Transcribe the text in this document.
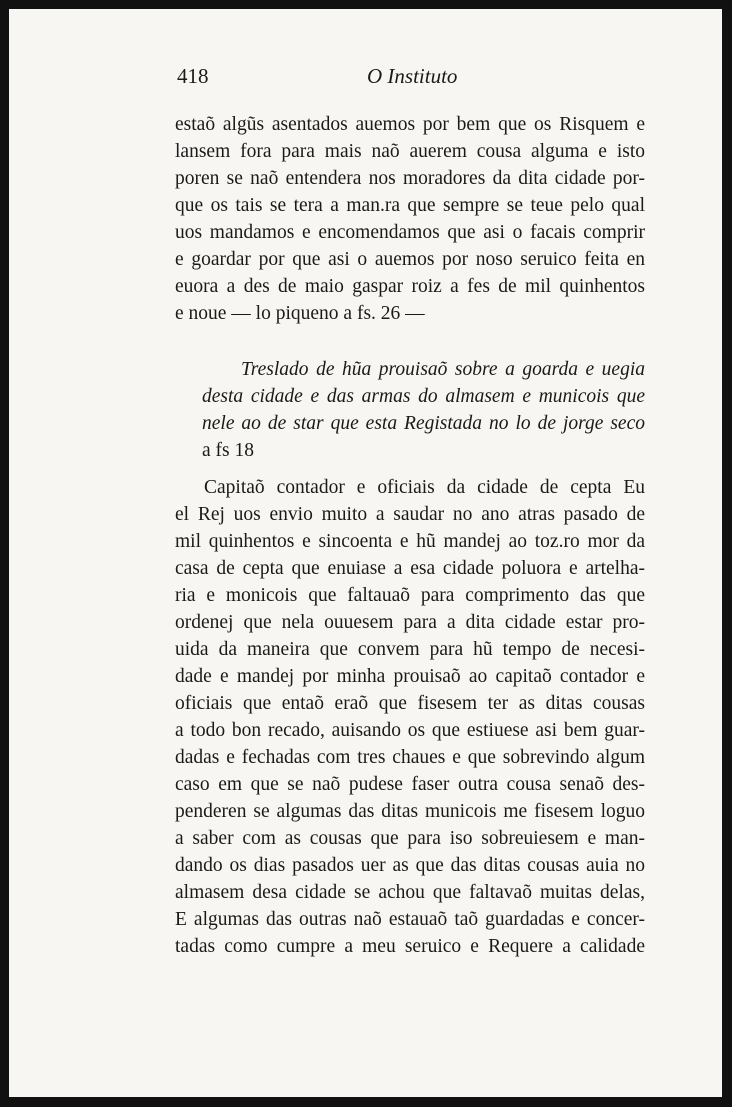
418	O Instituto
estaõ algũs asentados auemos por bem que os Risquem e
lansem fora para mais naõ auerem cousa alguma e isto
poren se naõ entendera nos moradores da dita cidade por-
que os tais se tera a man.ra que sempre se teue pelo qual
uos mandamos e encomendamos que asi o facais comprir
e goardar por que asi o auemos por noso seruico feita en
euora a des de maio gaspar roiz a fes de mil quinhentos
e noue — lo piqueno a fs. 26 —
Treslado de hũa prouisaõ sobre a goarda e uegia
desta cidade e das armas do almasem e municois que
nele ao de star que esta Registada no lo de jorge seco
a fs 18
Capitaõ contador e oficiais da cidade de cepta Eu
el Rej uos envio muito a saudar no ano atras pasado de
mil quinhentos e sincoenta e hũ mandej ao toz.ro mor da
casa de cepta que enuiase a esa cidade poluora e artelha-
ria e monicois que faltauaõ para comprimento das que
ordenej que nela ouuesem para a dita cidade estar pro-
uida da maneira que convem para hũ tempo de necesi-
dade e mandej por minha prouisaõ ao capitaõ contador e
oficiais que entaõ eraõ que fisesem ter as ditas cousas
a todo bon recado, auisando os que estiuese asi bem guar-
dadas e fechadas com tres chaues e que sobrevindo algum
caso em que se naõ pudese faser outra cousa senaõ des-
penderen se algumas das ditas municois me fisesem loguo
a saber com as cousas que para iso sobreuiesem e man-
dando os dias pasados uer as que das ditas cousas auia no
almasem desa cidade se achou que faltavaõ muitas delas,
E algumas das outras naõ estauaõ taõ guardadas e concer-
tadas como cumpre a meu seruico e Requere a calidade
